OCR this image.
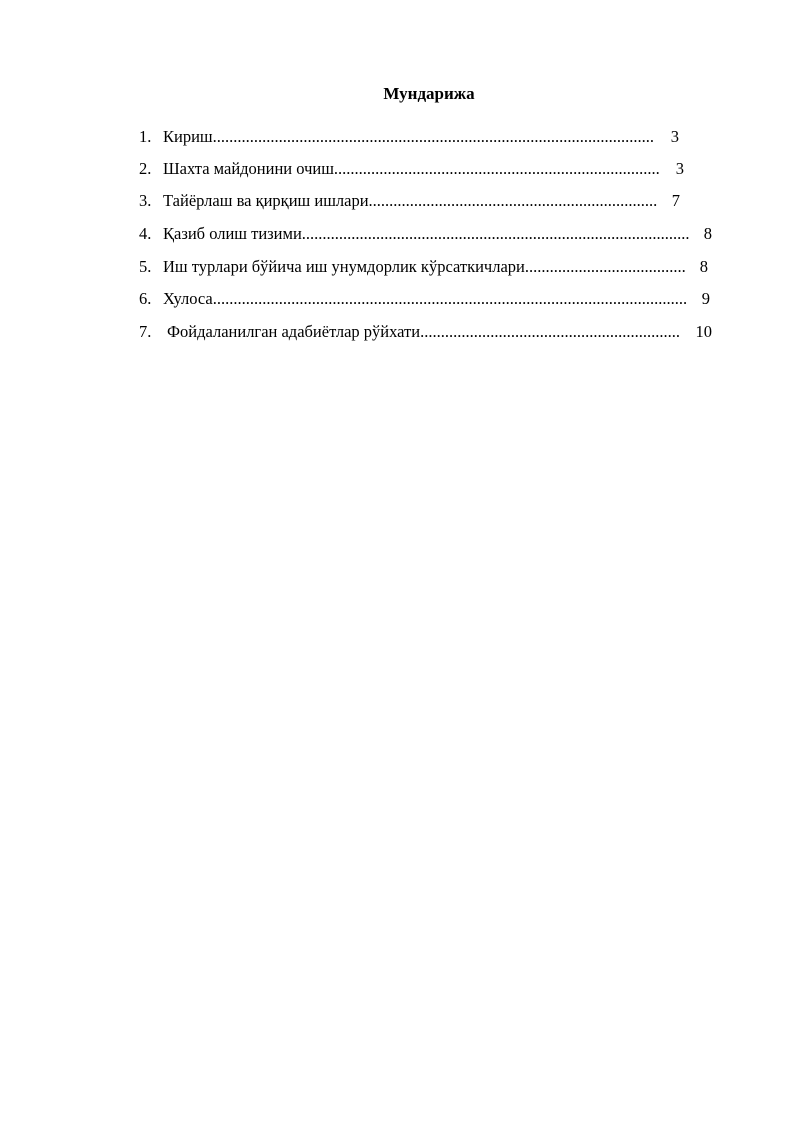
Мундарижа
1. Кириш........................................................................................................... 3
2. Шахта майдонини очиш............................................................................... 3
3. Тайёрлаш ва қирқиш ишлари...................................................................... 7
4. Қазиб олиш тизими.............................................................................................. 8
5. Иш турлари бўйича иш унумдорлик кўрсаткичлари....................................... 8
6. Хулоса................................................................................................................... 9
7. Фойдаланилган адабиётлар рўйхати............................................................... 10
